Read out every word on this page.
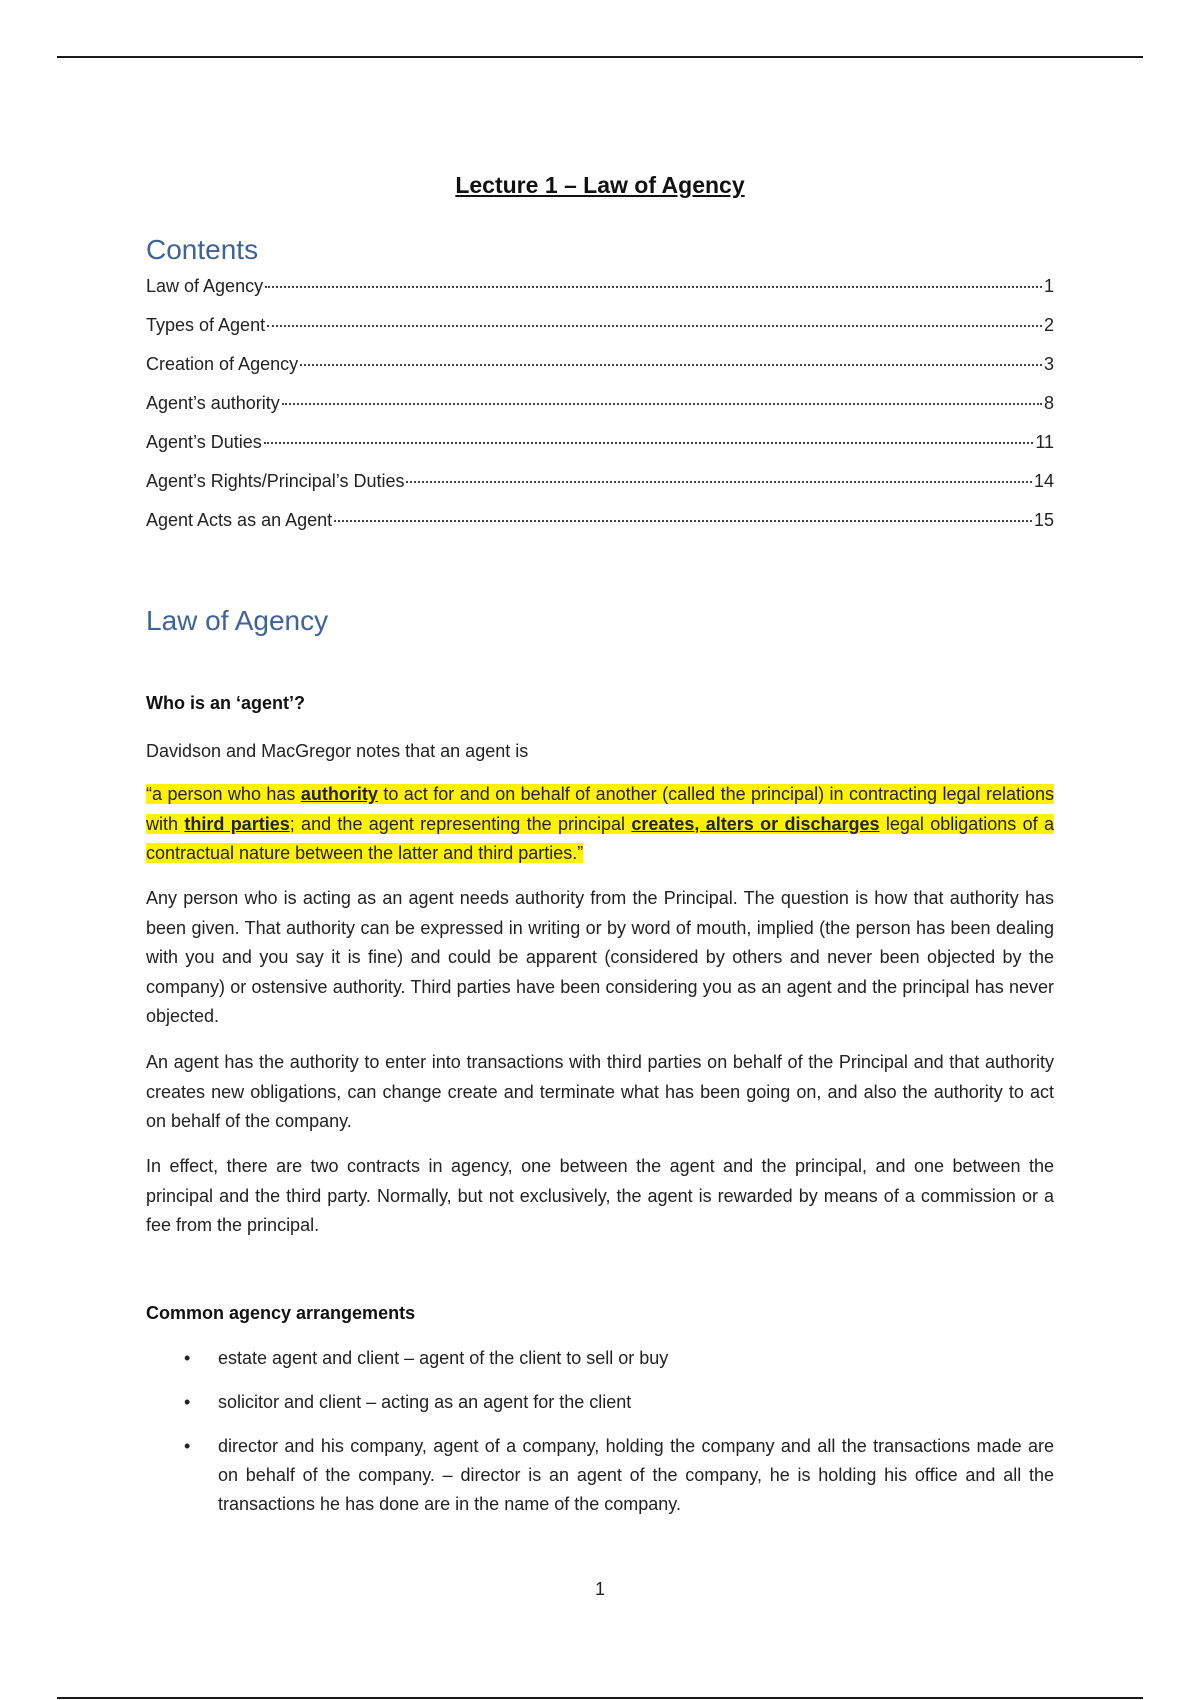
Lecture 1 – Law of Agency
Contents
Law of Agency	1
Types of Agent	2
Creation of Agency	3
Agent’s authority	8
Agent’s Duties	11
Agent’s Rights/Principal’s Duties	14
Agent Acts as an Agent	15
Law of Agency
Who is an ‘agent’?
Davidson and MacGregor notes that an agent is
“a person who has authority to act for and on behalf of another (called the principal) in contracting legal relations with third parties; and the agent representing the principal creates, alters or discharges legal obligations of a contractual nature between the latter and third parties.”
Any person who is acting as an agent needs authority from the Principal. The question is how that authority has been given. That authority can be expressed in writing or by word of mouth, implied (the person has been dealing with you and you say it is fine) and could be apparent (considered by others and never been objected by the company) or ostensive authority. Third parties have been considering you as an agent and the principal has never objected.
An agent has the authority to enter into transactions with third parties on behalf of the Principal and that authority creates new obligations, can change create and terminate what has been going on, and also the authority to act on behalf of the company.
In effect, there are two contracts in agency, one between the agent and the principal, and one between the principal and the third party. Normally, but not exclusively, the agent is rewarded by means of a commission or a fee from the principal.
Common agency arrangements
• estate agent and client – agent of the client to sell or buy
• solicitor and client – acting as an agent for the client
• director and his company, agent of a company, holding the company and all the transactions made are on behalf of the company. – director is an agent of the company, he is holding his office and all the transactions he has done are in the name of the company.
1
